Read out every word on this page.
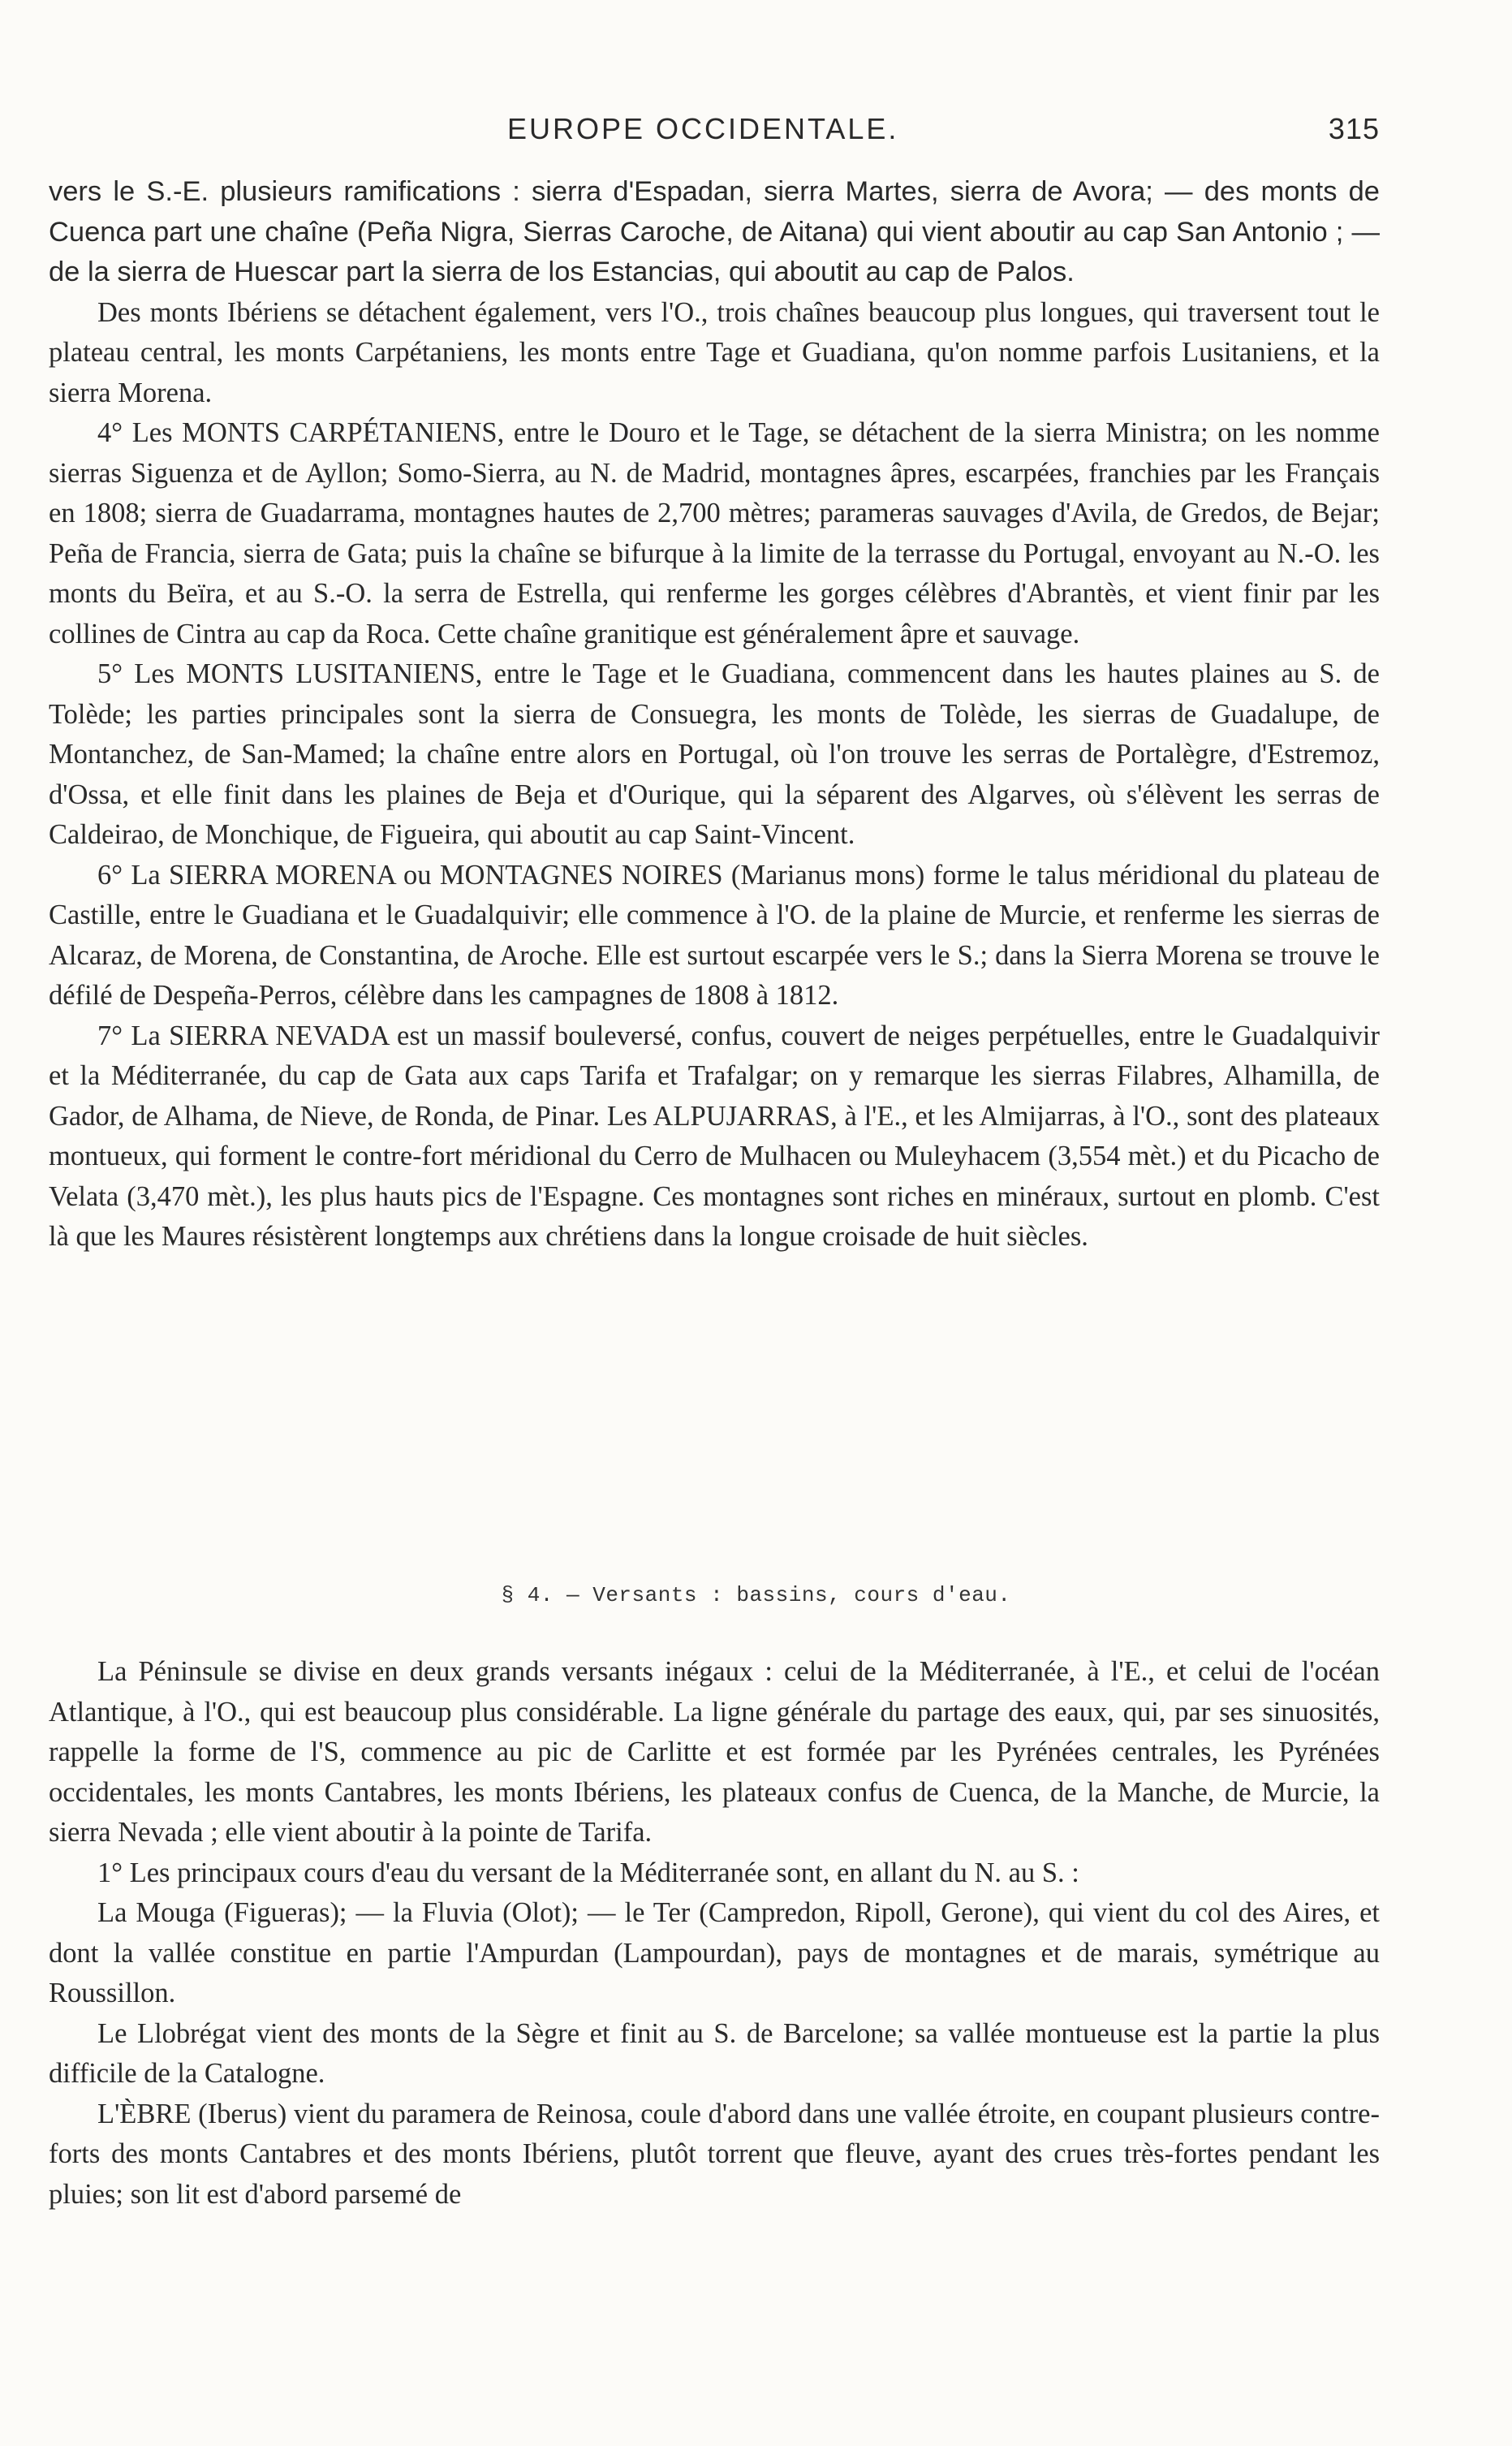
EUROPE OCCIDENTALE.	315

vers le S.-E. plusieurs ramifications : sierra d'Espadan, sierra Martes, sierra de Avora; — des monts de Cuenca part une chaîne (Peña Nigra, Sierras Caroche, de Aitana) qui vient aboutir au cap San Antonio ; — de la sierra de Huescar part la sierra de los Estancias, qui aboutit au cap de Palos.

Des monts Ibériens se détachent également, vers l'O., trois chaînes beaucoup plus longues, qui traversent tout le plateau central, les monts Carpétaniens, les monts entre Tage et Guadiana, qu'on nomme parfois Lusitaniens, et la sierra Morena.

4° Les MONTS CARPÉTANIENS, entre le Douro et le Tage, se détachent de la sierra Ministra; on les nomme sierras Siguenza et de Ayllon; Somo-Sierra, au N. de Madrid, montagnes âpres, escarpées, franchies par les Français en 1808; sierra de Guadarrama, montagnes hautes de 2,700 mètres; parameras sauvages d'Avila, de Gredos, de Bejar; Peña de Francia, sierra de Gata; puis la chaîne se bifurque à la limite de la terrasse du Portugal, envoyant au N.-O. les monts du Beïra, et au S.-O. la serra de Estrella, qui renferme les gorges célèbres d'Abrantès, et vient finir par les collines de Cintra au cap da Roca. Cette chaîne granitique est généralement âpre et sauvage.

5° Les MONTS LUSITANIENS, entre le Tage et le Guadiana, commencent dans les hautes plaines au S. de Tolède; les parties principales sont la sierra de Consuegra, les monts de Tolède, les sierras de Guadalupe, de Montanchez, de San-Mamed; la chaîne entre alors en Portugal, où l'on trouve les serras de Portalègre, d'Estremoz, d'Ossa, et elle finit dans les plaines de Beja et d'Ourique, qui la séparent des Algarves, où s'élèvent les serras de Caldeirao, de Monchique, de Figueira, qui aboutit au cap Saint-Vincent.

6° La SIERRA MORENA ou MONTAGNES NOIRES (Marianus mons) forme le talus méridional du plateau de Castille, entre le Guadiana et le Guadalquivir; elle commence à l'O. de la plaine de Murcie, et renferme les sierras de Alcaraz, de Morena, de Constantina, de Aroche. Elle est surtout escarpée vers le S.; dans la Sierra Morena se trouve le défilé de Despeña-Perros, célèbre dans les campagnes de 1808 à 1812.

7° La SIERRA NEVADA est un massif bouleversé, confus, couvert de neiges perpétuelles, entre le Guadalquivir et la Méditerranée, du cap de Gata aux caps Tarifa et Trafalgar; on y remarque les sierras Filabres, Alhamilla, de Gador, de Alhama, de Nieve, de Ronda, de Pinar. Les ALPUJARRAS, à l'E., et les Almijarras, à l'O., sont des plateaux montueux, qui forment le contre-fort méridional du Cerro de Mulhacen ou Muleyhacem (3,554 mèt.) et du Picacho de Velata (3,470 mèt.), les plus hauts pics de l'Espagne. Ces montagnes sont riches en minéraux, surtout en plomb. C'est là que les Maures résistèrent longtemps aux chrétiens dans la longue croisade de huit siècles.

§ 4. — Versants : bassins, cours d'eau.

La Péninsule se divise en deux grands versants inégaux : celui de la Méditerranée, à l'E., et celui de l'océan Atlantique, à l'O., qui est beaucoup plus considérable. La ligne générale du partage des eaux, qui, par ses sinuosités, rappelle la forme de l'S, commence au pic de Carlitte et est formée par les Pyrénées centrales, les Pyrénées occidentales, les monts Cantabres, les monts Ibériens, les plateaux confus de Cuenca, de la Manche, de Murcie, la sierra Nevada ; elle vient aboutir à la pointe de Tarifa.

1° Les principaux cours d'eau du versant de la Méditerranée sont, en allant du N. au S. :

La Mouga (Figueras); — la Fluvia (Olot); — le Ter (Campredon, Ripoll, Gerone), qui vient du col des Aires, et dont la vallée constitue en partie l'Ampurdan (Lampourdan), pays de montagnes et de marais, symétrique au Roussillon.

Le Llobrégat vient des monts de la Sègre et finit au S. de Barcelone; sa vallée montueuse est la partie la plus difficile de la Catalogne.

L'ÈBRE (Iberus) vient du paramera de Reinosa, coule d'abord dans une vallée étroite, en coupant plusieurs contre-forts des monts Cantabres et des monts Ibériens, plutôt torrent que fleuve, ayant des crues très-fortes pendant les pluies; son lit est d'abord parsemé de
